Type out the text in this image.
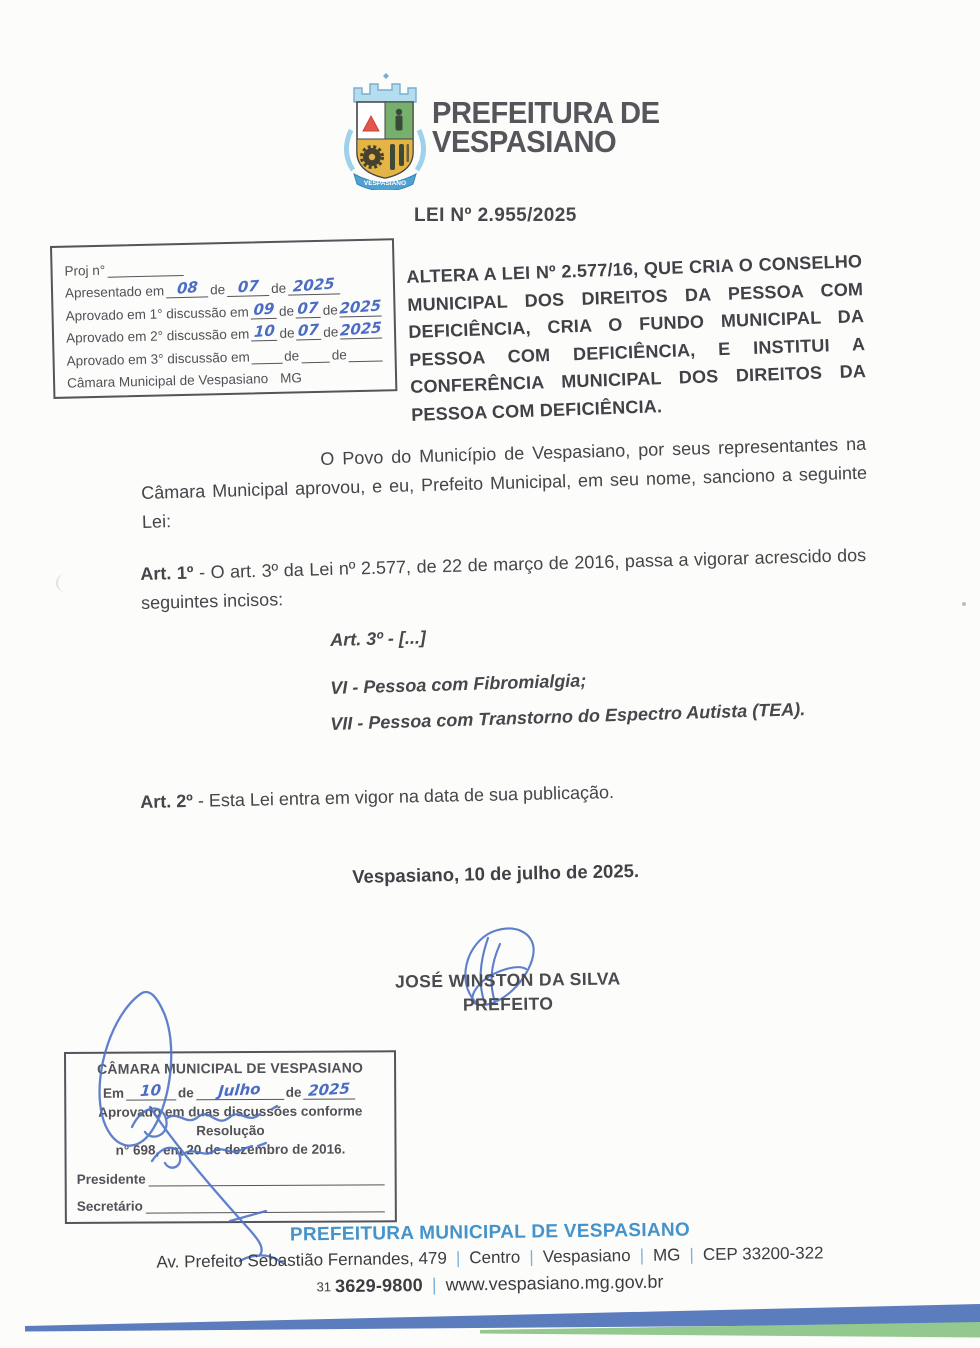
VESPASIANO
PREFEITURA DE
VESPASIANO
LEI Nº 2.955/2025
Proj n°
Apresentado em 08 de 07 de 2025
Aprovado em 1° discussão em 09 de 07 de 2025
Aprovado em 2° discussão em 10 de 07 de 2025
Aprovado em 3° discussão em	de de
Câmara Municipal de Vespasiano MG
ALTERA A LEI Nº 2.577/16, QUE CRIA O CONSELHO MUNICIPAL DOS DIREITOS DA PESSOA COM DEFICIÊNCIA, CRIA O FUNDO MUNICIPAL DA PESSOA COM DEFICIÊNCIA, E INSTITUI A CONFERÊNCIA MUNICIPAL DOS DIREITOS DA PESSOA COM DEFICIÊNCIA.
O Povo do Município de Vespasiano, por seus representantes na Câmara Municipal aprovou, e eu, Prefeito Municipal, em seu nome, sanciono a seguinte Lei:
Art. 1º - O art. 3º da Lei nº 2.577, de 22 de março de 2016, passa a vigorar acrescido dos seguintes incisos:
Art. 3º - [...]
VI - Pessoa com Fibromialgia;
VII - Pessoa com Transtorno do Espectro Autista (TEA).
Art. 2º - Esta Lei entra em vigor na data de sua publicação.
Vespasiano, 10 de julho de 2025.
JOSÉ WINSTON DA SILVA
PREFEITO
CÂMARA MUNICIPAL DE VESPASIANO
Em	10	de	Julho	de 2025
Aprovado em duas discussões conforme Resolução
n° 698, em 20 de dezembro de 2016.
Presidente
Secretário
PREFEITURA MUNICIPAL DE VESPASIANO
Av. Prefeito Sebastião Fernandes, 479 | Centro | Vespasiano | MG | CEP 33200-322
31 3629-9800 | www.vespasiano.mg.gov.br
